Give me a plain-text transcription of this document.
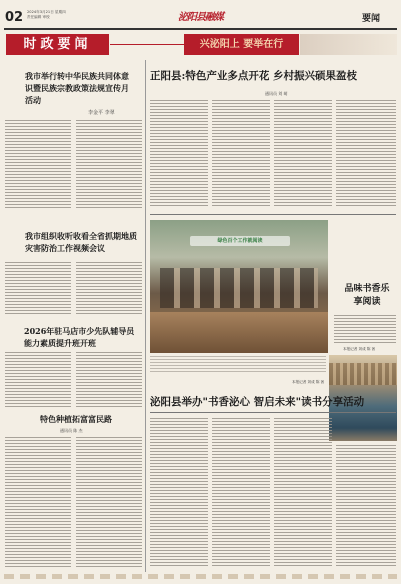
02 2024年3月21日 星期四
责任编辑 审校	泌阳县融媒	要闻
时政要闻	兴泌阳上 要举在行
我市举行转中华民族共同体意识暨民族宗教政策法规宣传月活动
李金平 李翠
我市组织收听收看全省抓期地质灾害防治工作视频会议
2026年驻马店市少先队辅导员能力素质提升班开班
特色种植拓富富民路
通讯员 陈 杰
正阳县:特色产业多点开花 乡村振兴硕果盈枝
通讯员 刘 萌
绿色百个工作就阅读
品味书香乐享阅读
本报记者 刘成 陈 茜
本报记者 刘成 陈 茜
泌阳县举办"书香泌心 智启未来"读书分享活动
